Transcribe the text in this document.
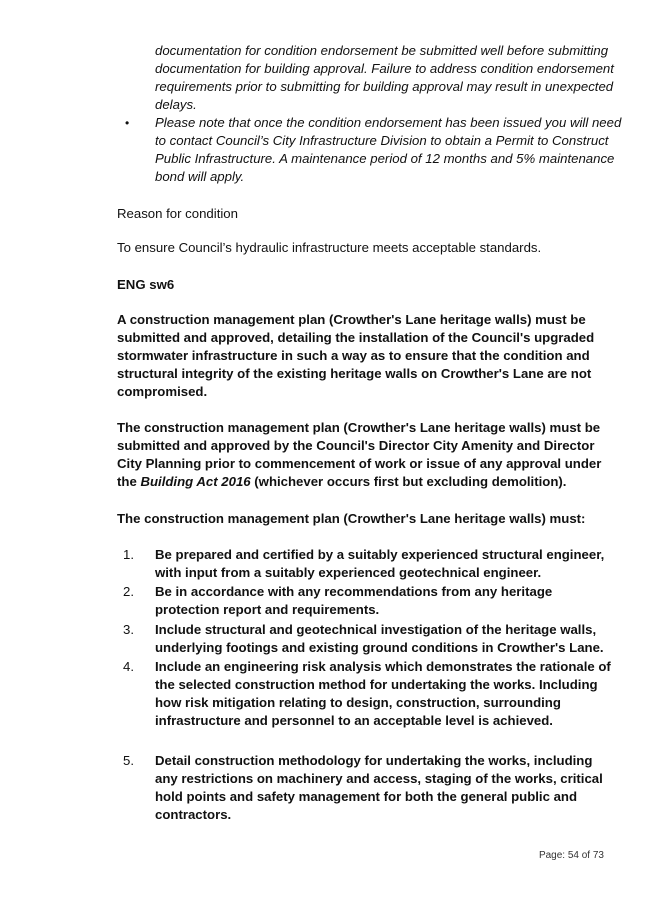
documentation for condition endorsement be submitted well before submitting documentation for building approval. Failure to address condition endorsement requirements prior to submitting for building approval may result in unexpected delays.
• Please note that once the condition endorsement has been issued you will need to contact Council’s City Infrastructure Division to obtain a Permit to Construct Public Infrastructure. A maintenance period of 12 months and 5% maintenance bond will apply.
Reason for condition
To ensure Council’s hydraulic infrastructure meets acceptable standards.
ENG sw6
A construction management plan (Crowther's Lane heritage walls) must be submitted and approved, detailing the installation of the Council's upgraded stormwater infrastructure in such a way as to ensure that the condition and structural integrity of the existing heritage walls on Crowther's Lane are not compromised.
The construction management plan (Crowther's Lane heritage walls) must be submitted and approved by the Council's Director City Amenity and Director City Planning prior to commencement of work or issue of any approval under the Building Act 2016 (whichever occurs first but excluding demolition).
The construction management plan (Crowther's Lane heritage walls) must:
1. Be prepared and certified by a suitably experienced structural engineer, with input from a suitably experienced geotechnical engineer.
2. Be in accordance with any recommendations from any heritage protection report and requirements.
3. Include structural and geotechnical investigation of the heritage walls, underlying footings and existing ground conditions in Crowther's Lane.
4. Include an engineering risk analysis which demonstrates the rationale of the selected construction method for undertaking the works. Including how risk mitigation relating to design, construction, surrounding infrastructure and personnel to an acceptable level is achieved.
5. Detail construction methodology for undertaking the works, including any restrictions on machinery and access, staging of the works, critical hold points and safety management for both the general public and contractors.
Page: 54 of 73
